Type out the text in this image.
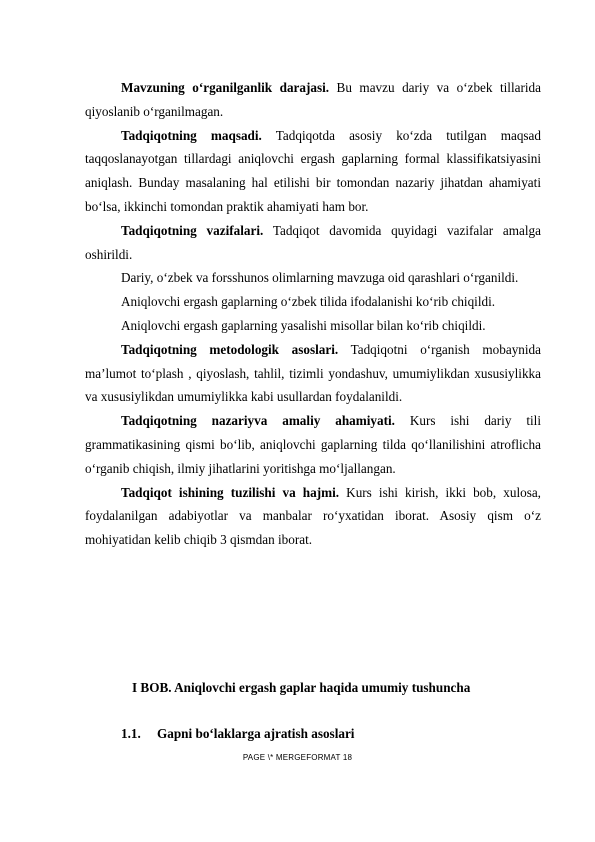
Mavzuning o‘rganilganlik darajasi. Bu mavzu dariy va o‘zbek tillarida qiyoslanib o‘rganilmagan.

Tadqiqotning maqsadi. Tadqiqotda asosiy ko‘zda tutilgan maqsad taqqoslanayotgan tillardagi aniqlovchi ergash gaplarning formal klassifikatsiyasini aniqlash. Bunday masalaning hal etilishi bir tomondan nazariy jihatdan ahamiyati bo‘lsa, ikkinchi tomondan praktik ahamiyati ham bor.

Tadqiqotning vazifalari. Tadqiqot davomida quyidagi vazifalar amalga oshirildi.

Dariy, o‘zbek va forsshunos olimlarning mavzuga oid qarashlari o‘rganildi.

Aniqlovchi ergash gaplarning o‘zbek tilida ifodalanishi ko‘rib chiqildi.

Aniqlovchi ergash gaplarning yasalishi misollar bilan ko‘rib chiqildi.

Tadqiqotning metodologik asoslari. Tadqiqotni o‘rganish mobaynida ma’lumot to‘plash , qiyoslash, tahlil, tizimli yondashuv, umumiylikdan xususiylikka va xususiylikdan umumiylikka kabi usullardan foydalanildi.

Tadqiqotning nazariyva amaliy ahamiyati. Kurs ishi dariy tili grammatikasining qismi bo‘lib, aniqlovchi gaplarning tilda qo‘llanilishini atroflicha o‘rganib chiqish, ilmiy jihatlarini yoritishga mo‘ljallangan.

Tadqiqot ishining tuzilishi va hajmi. Kurs ishi kirish, ikki bob, xulosa, foydalanilgan adabiyotlar va manbalar ro‘yxatidan iborat. Asosiy qism o‘z mohiyatidan kelib chiqib 3 qismdan iborat.

I BOB. Aniqlovchi ergash gaplar haqida umumiy tushuncha
1.1. Gapni bo‘laklarga ajratish asoslari
PAGE \* MERGEFORMAT 18
